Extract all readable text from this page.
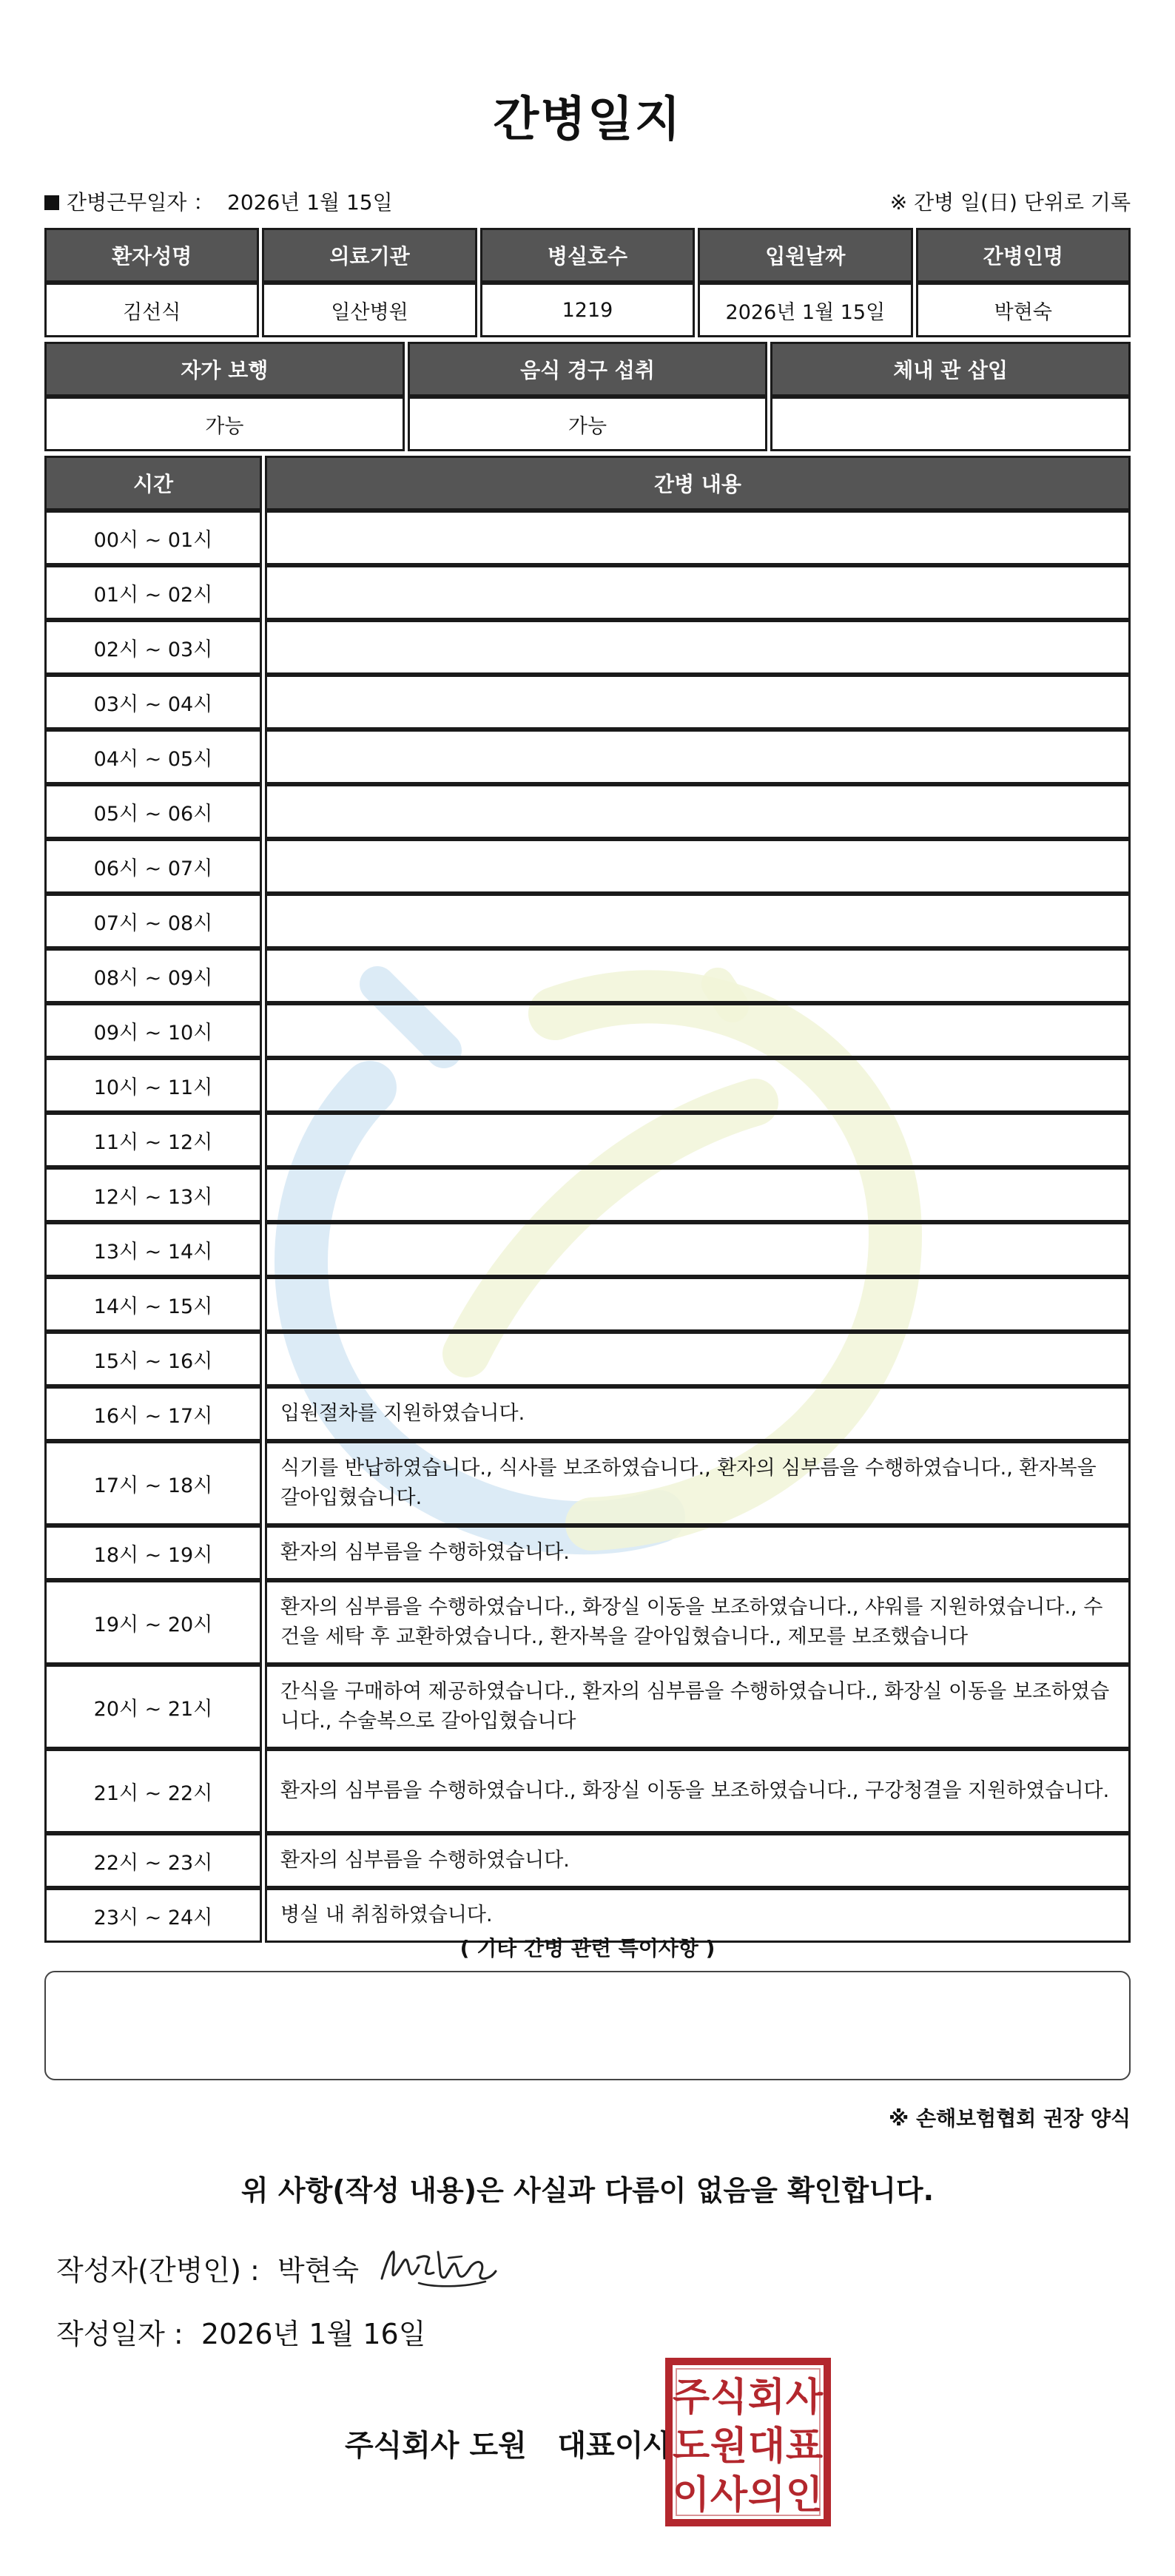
간병일지
간병근무일자 ： 2026년 1월 15일	※ 간병 일(日) 단위로 기록
환자성명	의료기관	병실호수	입원날짜	간병인명
김선식	일산병원	1219	2026년 1월 15일	박현숙
자가 보행	음식 경구 섭취	체내 관 삽입
가능	가능	
시간	간병 내용
00시 ~ 01시	
01시 ~ 02시	
02시 ~ 03시	
03시 ~ 04시	
04시 ~ 05시	
05시 ~ 06시	
06시 ~ 07시	
07시 ~ 08시	
08시 ~ 09시	
09시 ~ 10시	
10시 ~ 11시	
11시 ~ 12시	
12시 ~ 13시	
13시 ~ 14시	
14시 ~ 15시	
15시 ~ 16시	
16시 ~ 17시	입원절차를 지원하였습니다.
17시 ~ 18시	식기를 반납하였습니다., 식사를 보조하였습니다., 환자의 심부름을 수행하였습니다., 환자복을 갈아입혔습니다.
18시 ~ 19시	환자의 심부름을 수행하였습니다.
19시 ~ 20시	환자의 심부름을 수행하였습니다., 화장실 이동을 보조하였습니다., 샤워를 지원하였습니다., 수건을 세탁 후 교환하였습니다., 환자복을 갈아입혔습니다., 제모를 보조했습니다
20시 ~ 21시	간식을 구매하여 제공하였습니다., 환자의 심부름을 수행하였습니다., 화장실 이동을 보조하였습니다., 수술복으로 갈아입혔습니다
21시 ~ 22시	환자의 심부름을 수행하였습니다., 화장실 이동을 보조하였습니다., 구강청결을 지원하였습니다.
22시 ~ 23시	환자의 심부름을 수행하였습니다.
23시 ~ 24시	병실 내 취침하였습니다.
( 기타 간병 관련 특이사항 )
※ 손해보험협회 권장 양식
위 사항(작성 내용)은 사실과 다름이 없음을 확인합니다.
작성자(간병인) : 박현숙
작성일자 : 2026년 1월 16일
주식회사 도원 대표이사
주 식 회 사
도 원 대 표
이 사 의 인
